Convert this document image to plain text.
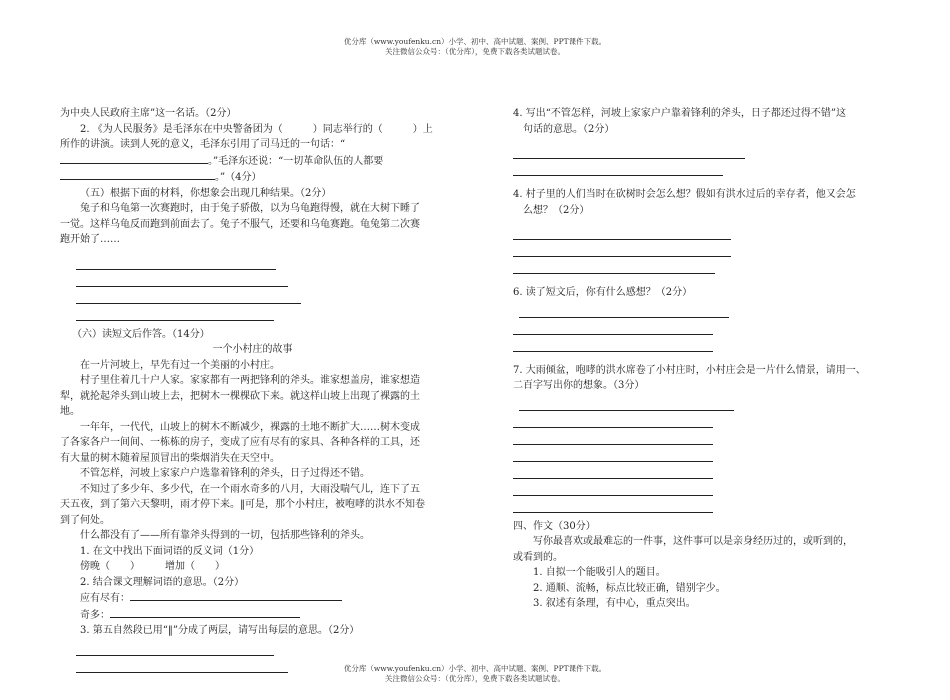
优分库（www.youfenku.cn）小学、初中、高中试题、案例、PPT课件下载。
关注微信公众号：（优分库），免费下载各类试题试卷。
为中央人民政府主席”这一名话。（2分）
2. 《为人民服务》是毛泽东在中央警备团为（　　　）同志举行的（　　　）上
所作的讲演。读到人死的意义，毛泽东引用了司马迁的一句话：“
。”毛泽东还说：“一切革命队伍的人都要
。”（4分）
（五）根据下面的材料，你想象会出现几种结果。（2分）
兔子和乌龟第一次赛跑时，由于兔子骄傲，以为乌龟跑得慢，就在大树下睡了
一觉。这样乌龟反而跑到前面去了。兔子不服气，还要和乌龟赛跑。龟兔第二次赛
跑开始了……
（六）读短文后作答。（14分）
一个小村庄的故事
在一片河坡上，早先有过一个美丽的小村庄。
村子里住着几十户人家。家家都有一两把锋利的斧头。谁家想盖房，谁家想造
犁，就抡起斧头到山坡上去，把树木一棵棵砍下来。就这样山坡上出现了裸露的土
地。
一年年，一代代，山坡上的树木不断减少，裸露的土地不断扩大……树木变成
了各家各户一间间、一栋栋的房子，变成了应有尽有的家具、各种各样的工具，还
有大量的树木随着屋顶冒出的柴烟消失在天空中。
不管怎样，河坡上家家户户选靠着锋利的斧头，日子过得还不错。
不知过了多少年、多少代，在一个雨水奇多的八月，大雨没喘气儿，连下了五
天五夜，到了第六天黎明，雨才停下来。‖可是，那个小村庄，被咆哮的洪水不知卷
到了何处。
什么都没有了——所有靠斧头得到的一切，包括那些锋利的斧头。
1. 在文中找出下面词语的反义词（1分）
傍晚（　　）　　　增加（　　）
2. 结合课文理解词语的意思。（2分）
应有尽有：
奇多：
3. 第五自然段已用“‖”分成了两层，请写出每层的意思。（2分）
4. 写出“不管怎样，河坡上家家户户靠着锋利的斧头，日子都还过得不错”这
句话的意思。（2分）
4. 村子里的人们当时在砍树时会怎么想？假如有洪水过后的幸存者，他又会怎
么想？（2分）
6. 读了短文后，你有什么感想？（2分）
7. 大雨倾盆，咆哮的洪水席卷了小村庄时，小村庄会是一片什么情景，请用一、
二百字写出你的想象。（3分）
四、作文（30分）
写你最喜欢或最难忘的一件事，这件事可以是亲身经历过的，或听到的，
或看到的。
1. 自拟一个能吸引人的题目。
2. 通顺、流畅，标点比较正确，错别字少。
3. 叙述有条理，有中心，重点突出。
优分库（www.youfenku.cn）小学、初中、高中试题、案例、PPT课件下载。
关注微信公众号：（优分库），免费下载各类试题试卷。
